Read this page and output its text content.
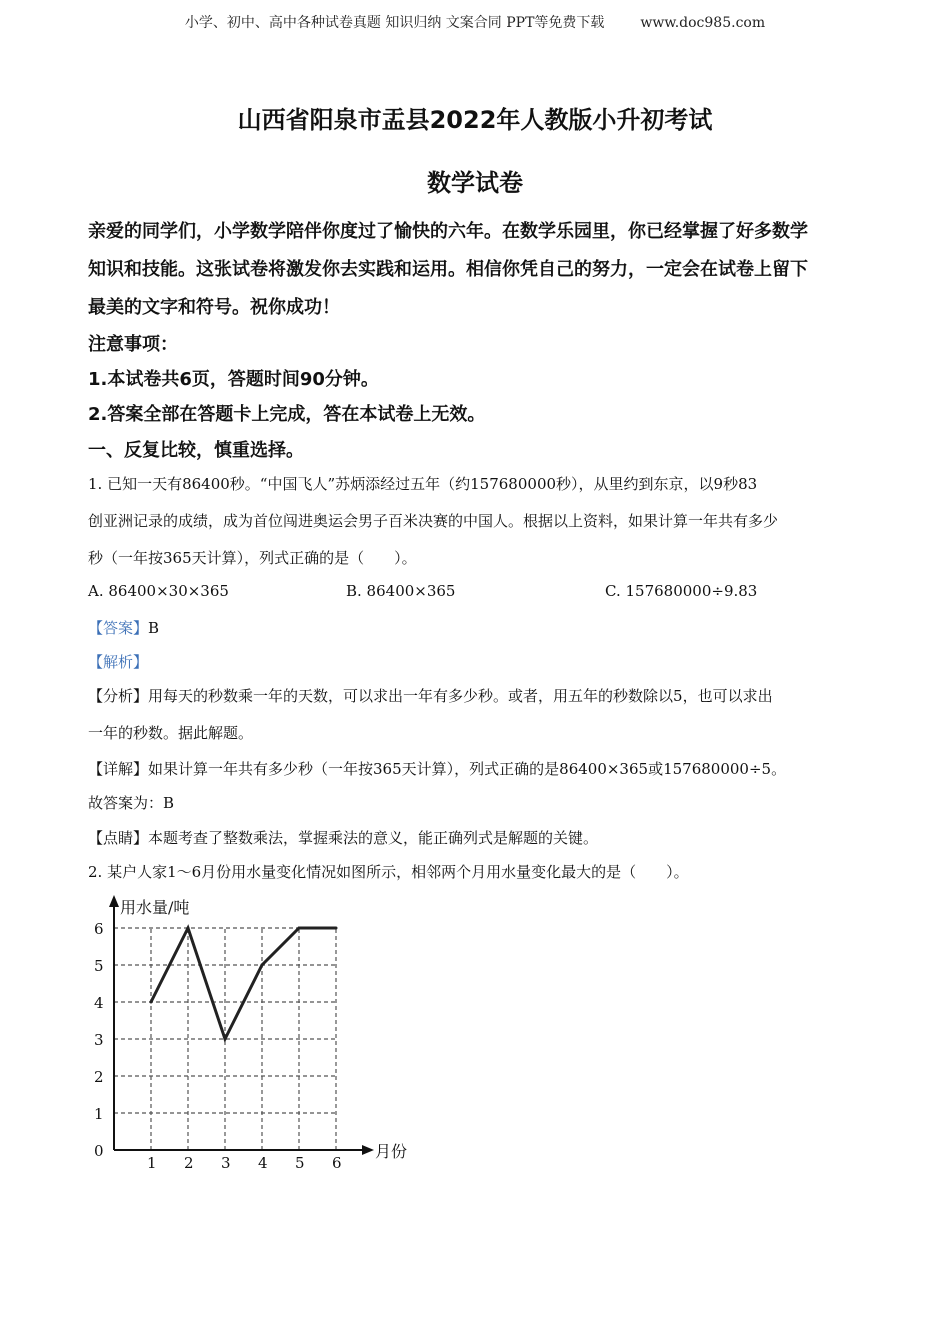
小学、初中、高中各种试卷真题 知识归纳 文案合同 PPT等免费下载	www.doc985.com
山西省阳泉市盂县2022年人教版小升初考试
数学试卷
亲爱的同学们，小学数学陪伴你度过了愉快的六年。在数学乐园里，你已经掌握了好多数学
知识和技能。这张试卷将激发你去实践和运用。相信你凭自己的努力，一定会在试卷上留下
最美的文字和符号。祝你成功！
注意事项：
1.本试卷共6页，答题时间90分钟。
2.答案全部在答题卡上完成，答在本试卷上无效。
一、反复比较，慎重选择。
1. 已知一天有86400秒。“中国飞人”苏炳添经过五年（约157680000秒），从里约到东京，以9秒83
创亚洲记录的成绩，成为首位闯进奥运会男子百米决赛的中国人。根据以上资料，如果计算一年共有多少
秒（一年按365天计算），列式正确的是（　　）。
A. 86400×30×365	B. 86400×365	C. 157680000÷9.83
【答案】B
【解析】
【分析】用每天的秒数乘一年的天数，可以求出一年有多少秒。或者，用五年的秒数除以5，也可以求出
一年的秒数。据此解题。
【详解】如果计算一年共有多少秒（一年按365天计算），列式正确的是86400×365或157680000÷5。
故答案为：B
【点睛】本题考查了整数乘法，掌握乘法的意义，能正确列式是解题的关键。
2. 某户人家1～6月份用水量变化情况如图所示，相邻两个月用水量变化最大的是（　　）。
0
1
2
3
4
5
6
1 2 3 4 5 6
用水量/吨
月份
